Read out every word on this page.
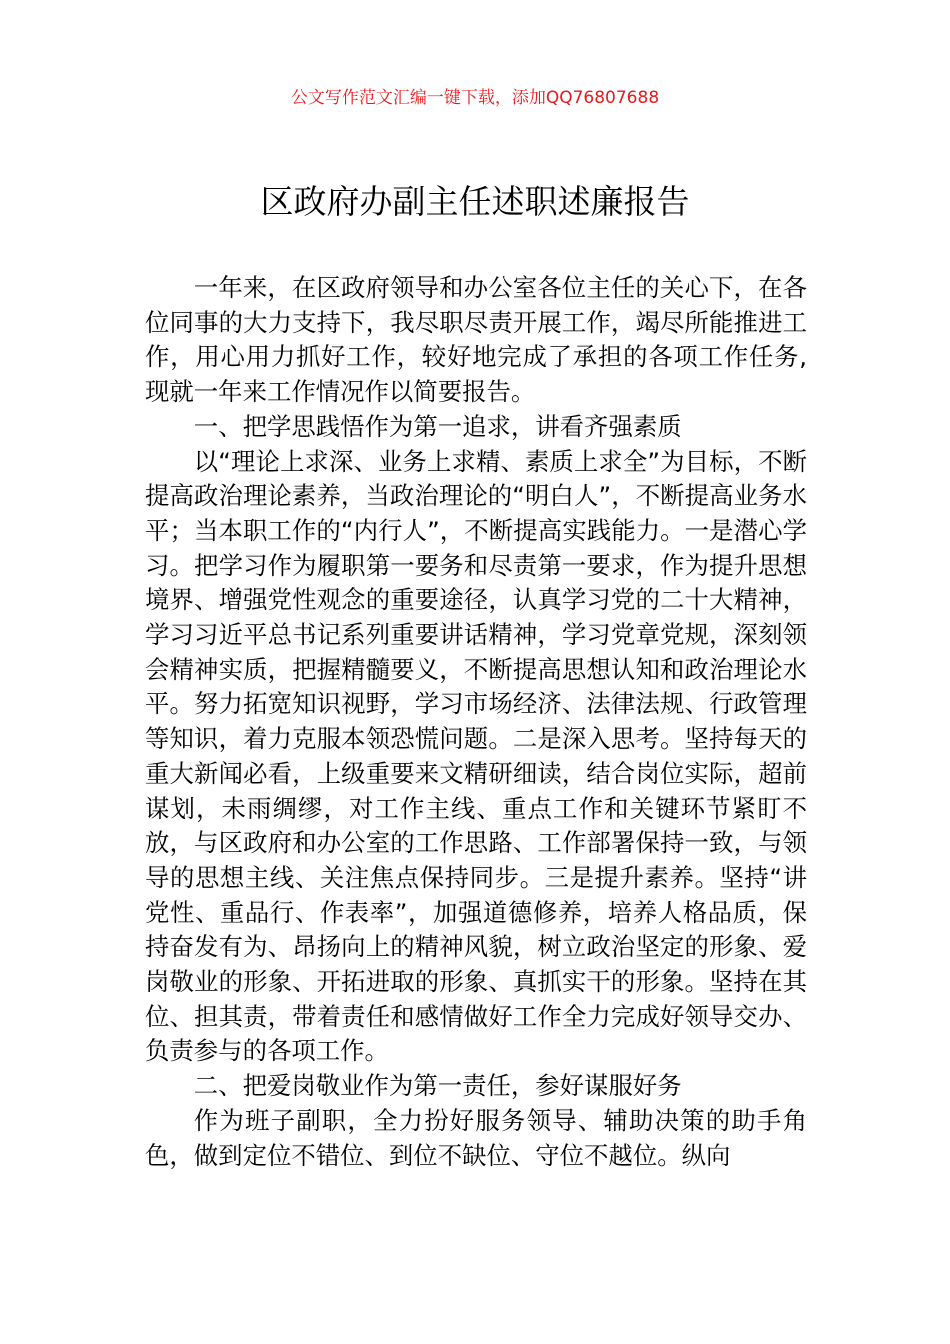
公文写作范文汇编一键下载，添加QQ76807688
区政府办副主任述职述廉报告

一年来，在区政府领导和办公室各位主任的关心下，在各位同事的大力支持下，我尽职尽责开展工作，竭尽所能推进工作，用心用力抓好工作，较好地完成了承担的各项工作任务,现就一年来工作情况作以简要报告。

一、把学思践悟作为第一追求，讲看齐强素质

以“理论上求深、业务上求精、素质上求全”为目标，不断提高政治理论素养，当政治理论的“明白人”，不断提高业务水平；当本职工作的“内行人”，不断提高实践能力。一是潜心学习。把学习作为履职第一要务和尽责第一要求，作为提升思想境界、增强党性观念的重要途径，认真学习党的二十大精神，学习习近平总书记系列重要讲话精神，学习党章党规，深刻领会精神实质，把握精髓要义，不断提高思想认知和政治理论水平。努力拓宽知识视野，学习市场经济、法律法规、行政管理等知识，着力克服本领恐慌问题。二是深入思考。坚持每天的重大新闻必看，上级重要来文精研细读，结合岗位实际，超前谋划，未雨绸缪，对工作主线、重点工作和关键环节紧盯不放，与区政府和办公室的工作思路、工作部署保持一致，与领导的思想主线、关注焦点保持同步。三是提升素养。坚持“讲党性、重品行、作表率”，加强道德修养，培养人格品质，保持奋发有为、昂扬向上的精神风貌，树立政治坚定的形象、爱岗敬业的形象、开拓进取的形象、真抓实干的形象。坚持在其位、担其责，带着责任和感情做好工作全力完成好领导交办、负责参与的各项工作。

二、把爱岗敬业作为第一责任，参好谋服好务

作为班子副职，全力扮好服务领导、辅助决策的助手角色，做到定位不错位、到位不缺位、守位不越位。纵向
